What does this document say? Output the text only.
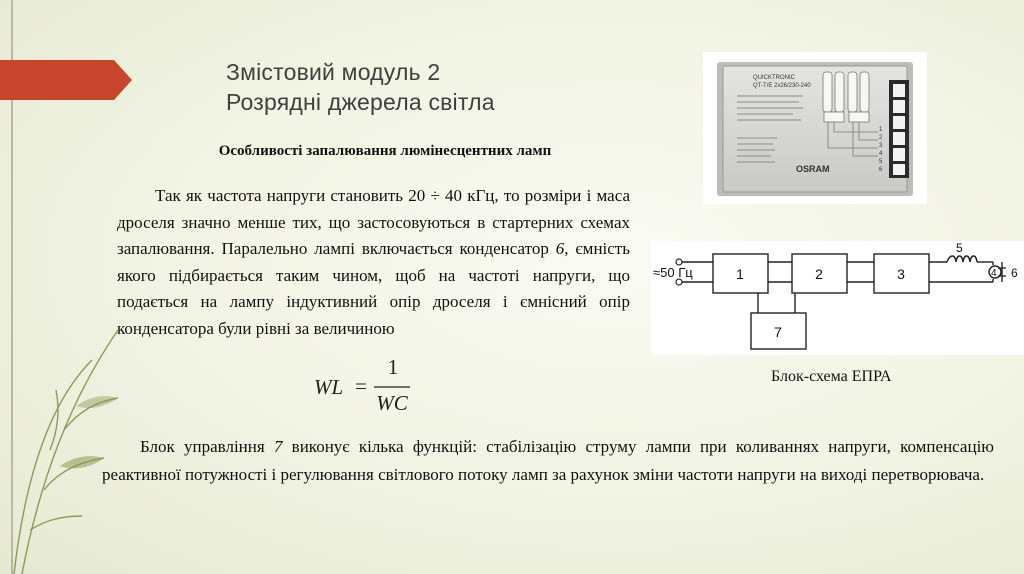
Змістовий модуль 2
Розрядні джерела світла
Особливості запалювання люмінесцентних ламп
Так як частота напруги становить 20 ÷ 40 кГц, то розміри і маса дроселя значно менше тих, що застосовуються в стартерних схемах запалювання. Паралельно лампі включається конденсатор 6, ємність якого підбирається таким чином, щоб на частоті напруги, що подається на лампу індуктивний опір дроселя і ємнісний опір конденсатора були рівні за величиною
WL =
1
WC
Блок управління 7 виконує кілька функцій: стабілізацію струму лампи при коливаннях напруги, компенсацію реактивної потужності і регулювання світлового потоку ламп за рахунок зміни частоти напруги на виході перетворювача.
QUICKTRONIC
QT-T/E 2x26/230-240
OSRAM
1
2
3
4
5
6
≈50 Гц	1	2	3
7
5
4 6
Блок-схема ЕПРА
